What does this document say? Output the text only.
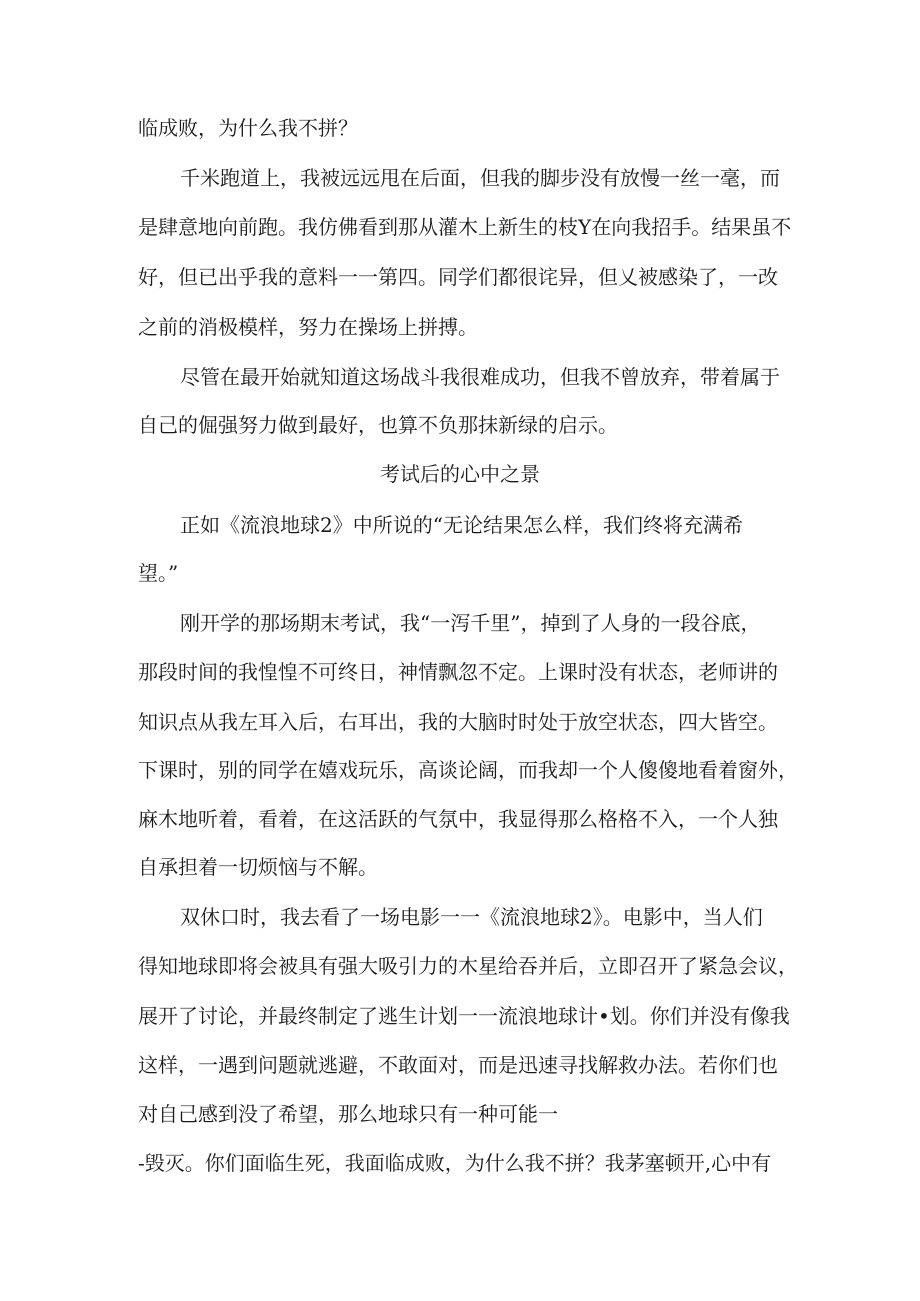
临成败，为什么我不拼？
千米跑道上，我被远远甩在后面，但我的脚步没有放慢一丝一毫，而
是肆意地向前跑。我仿佛看到那从灌木上新生的枝Y在向我招手。结果虽不
好，但已出乎我的意料一一第四。同学们都很诧异，但乂被感染了，一改
之前的消极模样，努力在操场上拼搏。
尽管在最开始就知道这场战斗我很难成功，但我不曾放弃，带着属于
自己的倔强努力做到最好，也算不负那抹新绿的启示。
考试后的心中之景
正如《流浪地球2》中所说的“无论结果怎么样，我们终将充满希
望。”
刚开学的那场期末考试，我“一泻千里”，掉到了人身的一段谷底，
那段时间的我惶惶不可终日，神情飘忽不定。上课时没有状态，老师讲的
知识点从我左耳入后，右耳出，我的大脑时时处于放空状态，四大皆空。
下课时，别的同学在嬉戏玩乐，高谈论阔，而我却一个人傻傻地看着窗外，
麻木地听着，看着，在这活跃的气氛中，我显得那么格格不入，一个人独
自承担着一切烦恼与不解。
双休口时，我去看了一场电影一一《流浪地球2》。电影中，当人们
得知地球即将会被具有强大吸引力的木星给吞并后，立即召开了紧急会议，
展开了讨论，并最终制定了逃生计划一一流浪地球计•划。你们并没有像我
这样，一遇到问题就逃避，不敢面对，而是迅速寻找解救办法。若你们也
对自己感到没了希望，那么地球只有一种可能一
-毁灭。你们面临生死，我面临成败，为什么我不拼？我茅塞顿开,心中有
